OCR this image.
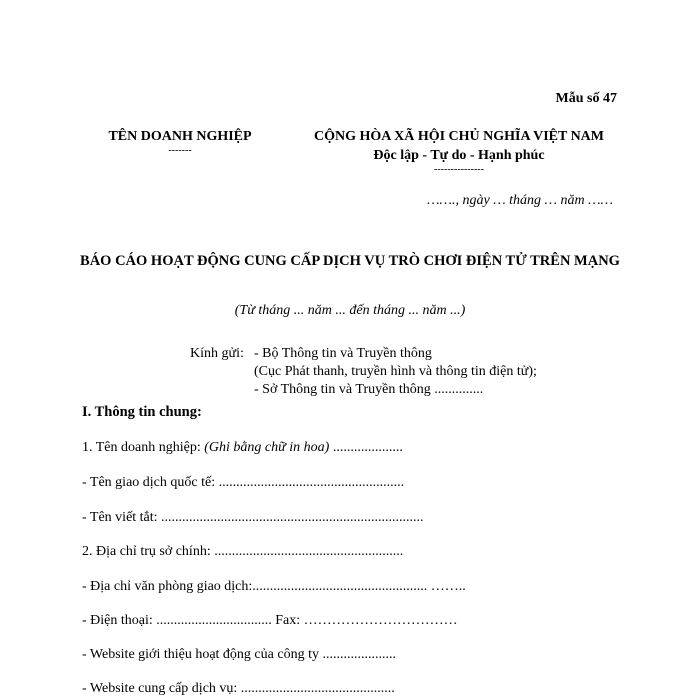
Mẫu số 47
TÊN DOANH NGHIỆP
-------
CỘNG HÒA XÃ HỘI CHỦ NGHĨA VIỆT NAM
Độc lập - Tự do - Hạnh phúc
---------------
……., ngày … tháng … năm ……
BÁO CÁO HOẠT ĐỘNG CUNG CẤP DỊCH VỤ TRÒ CHƠI ĐIỆN TỬ TRÊN MẠNG
(Từ tháng ... năm ... đến tháng ... năm ...)
Kính gửi: - Bộ Thông tin và Truyền thông
(Cục Phát thanh, truyền hình và thông tin điện tử);
- Sở Thông tin và Truyền thông ..............
I. Thông tin chung:
1. Tên doanh nghiệp: (Ghi bằng chữ in hoa) ....................
- Tên giao dịch quốc tế: .....................................................
- Tên viết tắt: ...........................................................................
2. Địa chỉ trụ sở chính: ......................................................
- Địa chỉ văn phòng giao dịch:.................................................. ……..
- Điện thoại: ................................. Fax: ……………………………
- Website giới thiệu hoạt động của công ty .....................
- Website cung cấp dịch vụ: ............................................
